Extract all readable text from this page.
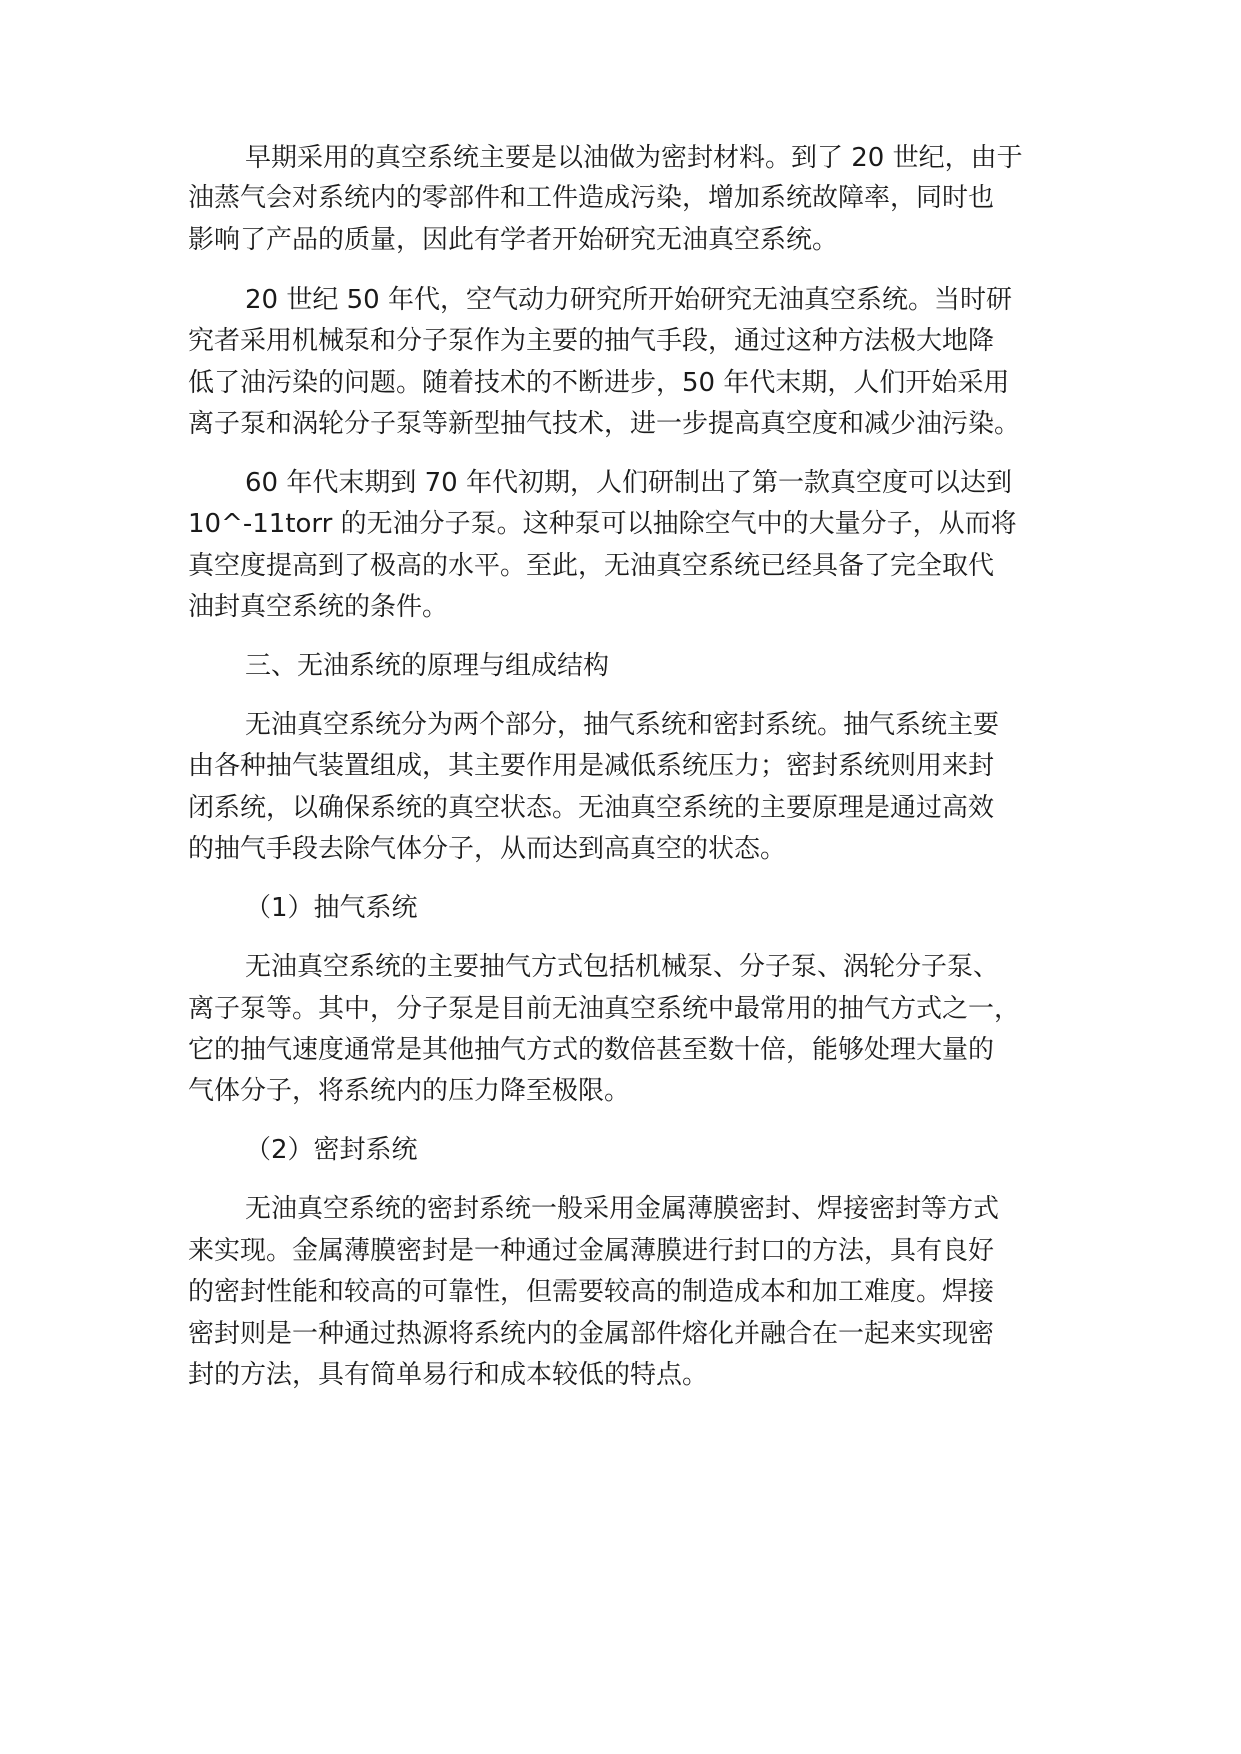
早期采用的真空系统主要是以油做为密封材料。到了 20 世纪，由于

油蒸气会对系统内的零部件和工件造成污染，增加系统故障率，同时也

影响了产品的质量，因此有学者开始研究无油真空系统。

20 世纪 50 年代，空气动力研究所开始研究无油真空系统。当时研

究者采用机械泵和分子泵作为主要的抽气手段，通过这种方法极大地降

低了油污染的问题。随着技术的不断进步，50 年代末期，人们开始采用

离子泵和涡轮分子泵等新型抽气技术，进一步提高真空度和减少油污染。

60 年代末期到 70 年代初期，人们研制出了第一款真空度可以达到

10^-11torr 的无油分子泵。这种泵可以抽除空气中的大量分子，从而将

真空度提高到了极高的水平。至此，无油真空系统已经具备了完全取代

油封真空系统的条件。

三、无油系统的原理与组成结构

无油真空系统分为两个部分，抽气系统和密封系统。抽气系统主要

由各种抽气装置组成，其主要作用是减低系统压力；密封系统则用来封

闭系统，以确保系统的真空状态。无油真空系统的主要原理是通过高效

的抽气手段去除气体分子，从而达到高真空的状态。

（1）抽气系统

无油真空系统的主要抽气方式包括机械泵、分子泵、涡轮分子泵、

离子泵等。其中，分子泵是目前无油真空系统中最常用的抽气方式之一，

它的抽气速度通常是其他抽气方式的数倍甚至数十倍，能够处理大量的

气体分子，将系统内的压力降至极限。

（2）密封系统

无油真空系统的密封系统一般采用金属薄膜密封、焊接密封等方式

来实现。金属薄膜密封是一种通过金属薄膜进行封口的方法，具有良好

的密封性能和较高的可靠性，但需要较高的制造成本和加工难度。焊接

密封则是一种通过热源将系统内的金属部件熔化并融合在一起来实现密

封的方法，具有简单易行和成本较低的特点。
